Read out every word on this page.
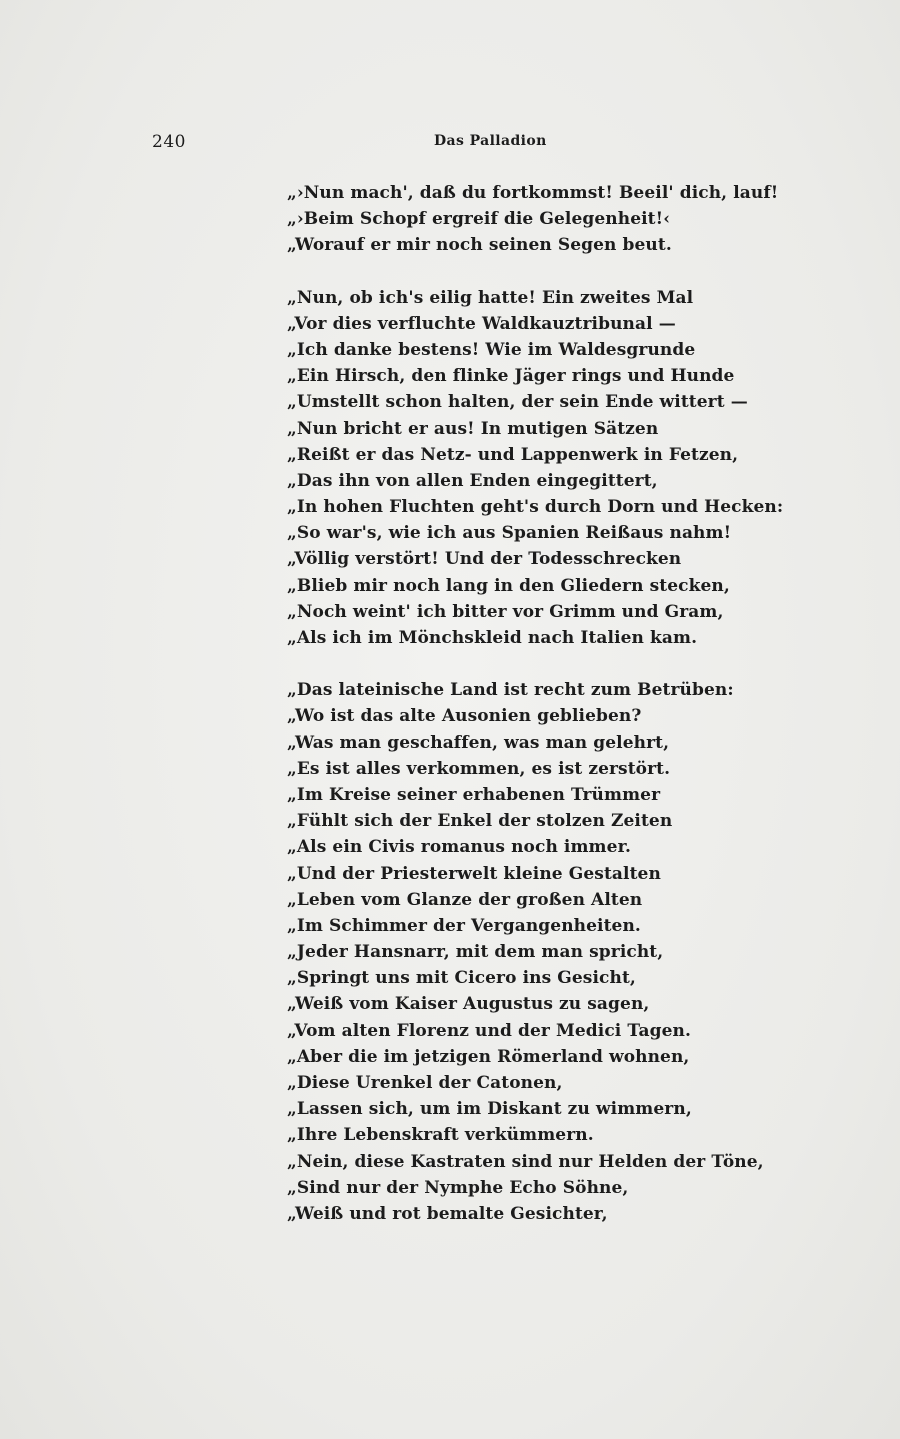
240	Das Palladion
„›Nun mach', daß du fortkommst! Beeil' dich, lauf!
„›Beim Schopf ergreif die Gelegenheit!‹
„Worauf er mir noch seinen Segen beut.
„Nun, ob ich's eilig hatte! Ein zweites Mal
„Vor dies verfluchte Waldkauztribunal —
„Ich danke bestens! Wie im Waldesgrunde
„Ein Hirsch, den flinke Jäger rings und Hunde
„Umstellt schon halten, der sein Ende wittert —
„Nun bricht er aus! In mutigen Sätzen
„Reißt er das Netz- und Lappenwerk in Fetzen,
„Das ihn von allen Enden eingegittert,
„In hohen Fluchten geht's durch Dorn und Hecken:
„So war's, wie ich aus Spanien Reißaus nahm!
„Völlig verstört! Und der Todesschrecken
„Blieb mir noch lang in den Gliedern stecken,
„Noch weint' ich bitter vor Grimm und Gram,
„Als ich im Mönchskleid nach Italien kam.
„Das lateinische Land ist recht zum Betrüben:
„Wo ist das alte Ausonien geblieben?
„Was man geschaffen, was man gelehrt,
„Es ist alles verkommen, es ist zerstört.
„Im Kreise seiner erhabenen Trümmer
„Fühlt sich der Enkel der stolzen Zeiten
„Als ein Civis romanus noch immer.
„Und der Priesterwelt kleine Gestalten
„Leben vom Glanze der großen Alten
„Im Schimmer der Vergangenheiten.
„Jeder Hansnarr, mit dem man spricht,
„Springt uns mit Cicero ins Gesicht,
„Weiß vom Kaiser Augustus zu sagen,
„Vom alten Florenz und der Medici Tagen.
„Aber die im jetzigen Römerland wohnen,
„Diese Urenkel der Catonen,
„Lassen sich, um im Diskant zu wimmern,
„Ihre Lebenskraft verkümmern.
„Nein, diese Kastraten sind nur Helden der Töne,
„Sind nur der Nymphe Echo Söhne,
„Weiß und rot bemalte Gesichter,
